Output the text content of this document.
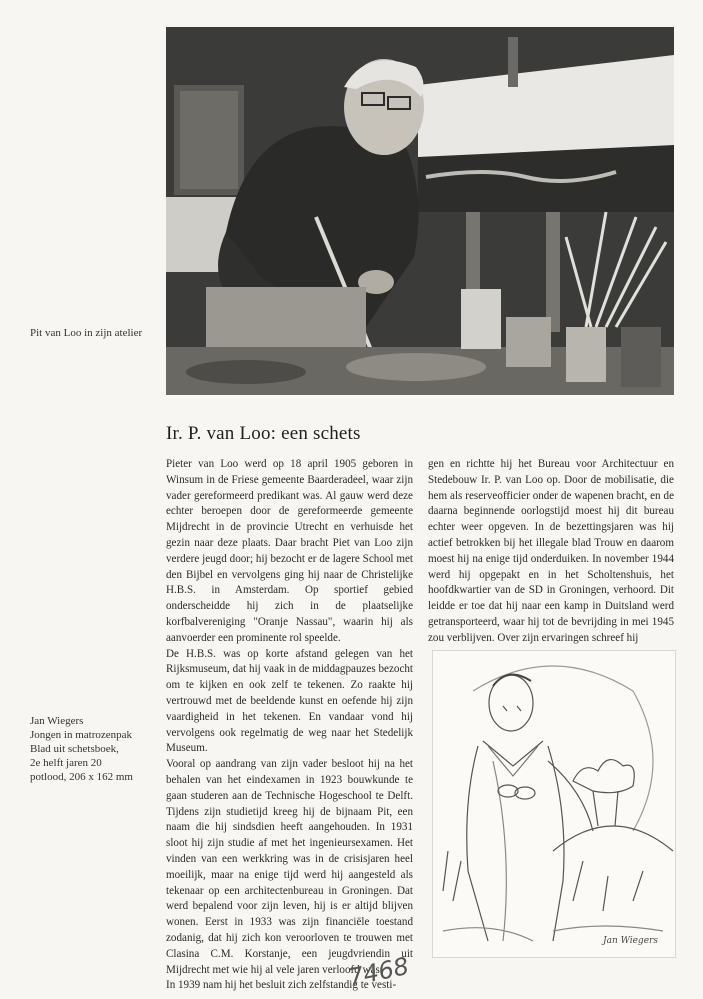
Pit van Loo in zijn atelier
Ir. P. van Loo: een schets
Jan Wiegers
Jongen in matrozenpak
Blad uit schetsboek,
2e helft jaren 20
potlood, 206 x 162 mm

Pieter van Loo werd op 18 april 1905 geboren in Winsum in de Friese gemeente Baarderadeel, waar zijn vader gereformeerd predikant was. Al gauw werd deze echter beroepen door de gereformeerde gemeente Mijdrecht in de provincie Utrecht en verhuisde het gezin naar deze plaats. Daar bracht Piet van Loo zijn verdere jeugd door; hij bezocht er de lagere School met den Bijbel en vervolgens ging hij naar de Christelijke H.B.S. in Amsterdam. Op sportief gebied onderscheidde hij zich in de plaatselijke korfbalvereniging "Oranje Nassau", waarin hij als aanvoerder een prominente rol speelde.

De H.B.S. was op korte afstand gelegen van het Rijksmuseum, dat hij vaak in de middagpauzes bezocht om te kijken en ook zelf te tekenen. Zo raakte hij vertrouwd met de beeldende kunst en oefende hij zijn vaardigheid in het tekenen. En vandaar vond hij vervolgens ook regelmatig de weg naar het Stedelijk Museum.

Vooral op aandrang van zijn vader besloot hij na het behalen van het eindexamen in 1923 bouwkunde te gaan studeren aan de Technische Hogeschool te Delft. Tijdens zijn studietijd kreeg hij de bijnaam Pit, een naam die hij sindsdien heeft aangehouden. In 1931 sloot hij zijn studie af met het ingenieursexamen. Het vinden van een werkkring was in de crisisjaren heel moeilijk, maar na enige tijd werd hij aangesteld als tekenaar op een architectenbureau in Groningen. Dat werd bepalend voor zijn leven, hij is er altijd blijven wonen. Eerst in 1933 was zijn financiële toestand zodanig, dat hij zich kon veroorloven te trouwen met Clasina C.M. Korstanje, een jeugdvriendin uit Mijdrecht met wie hij al vele jaren verloofd was.

In 1939 nam hij het besluit zich zelfstandig te vesti-

gen en richtte hij het Bureau voor Architectuur en Stedebouw Ir. P. van Loo op. Door de mobilisatie, die hem als reserveofficier onder de wapenen bracht, en de daarna beginnende oorlogstijd moest hij dit bureau echter weer opgeven. In de bezettingsjaren was hij actief betrokken bij het illegale blad Trouw en daarom moest hij na enige tijd onderduiken. In november 1944 werd hij opgepakt en in het Scholtenshuis, het hoofdkwartier van de SD in Groningen, verhoord. Dit leidde er toe dat hij naar een kamp in Duitsland werd getransporteerd, waar hij tot de bevrijding in mei 1945 zou verblijven. Over zijn ervaringen schreef hij

Jan Wiegers
7468
